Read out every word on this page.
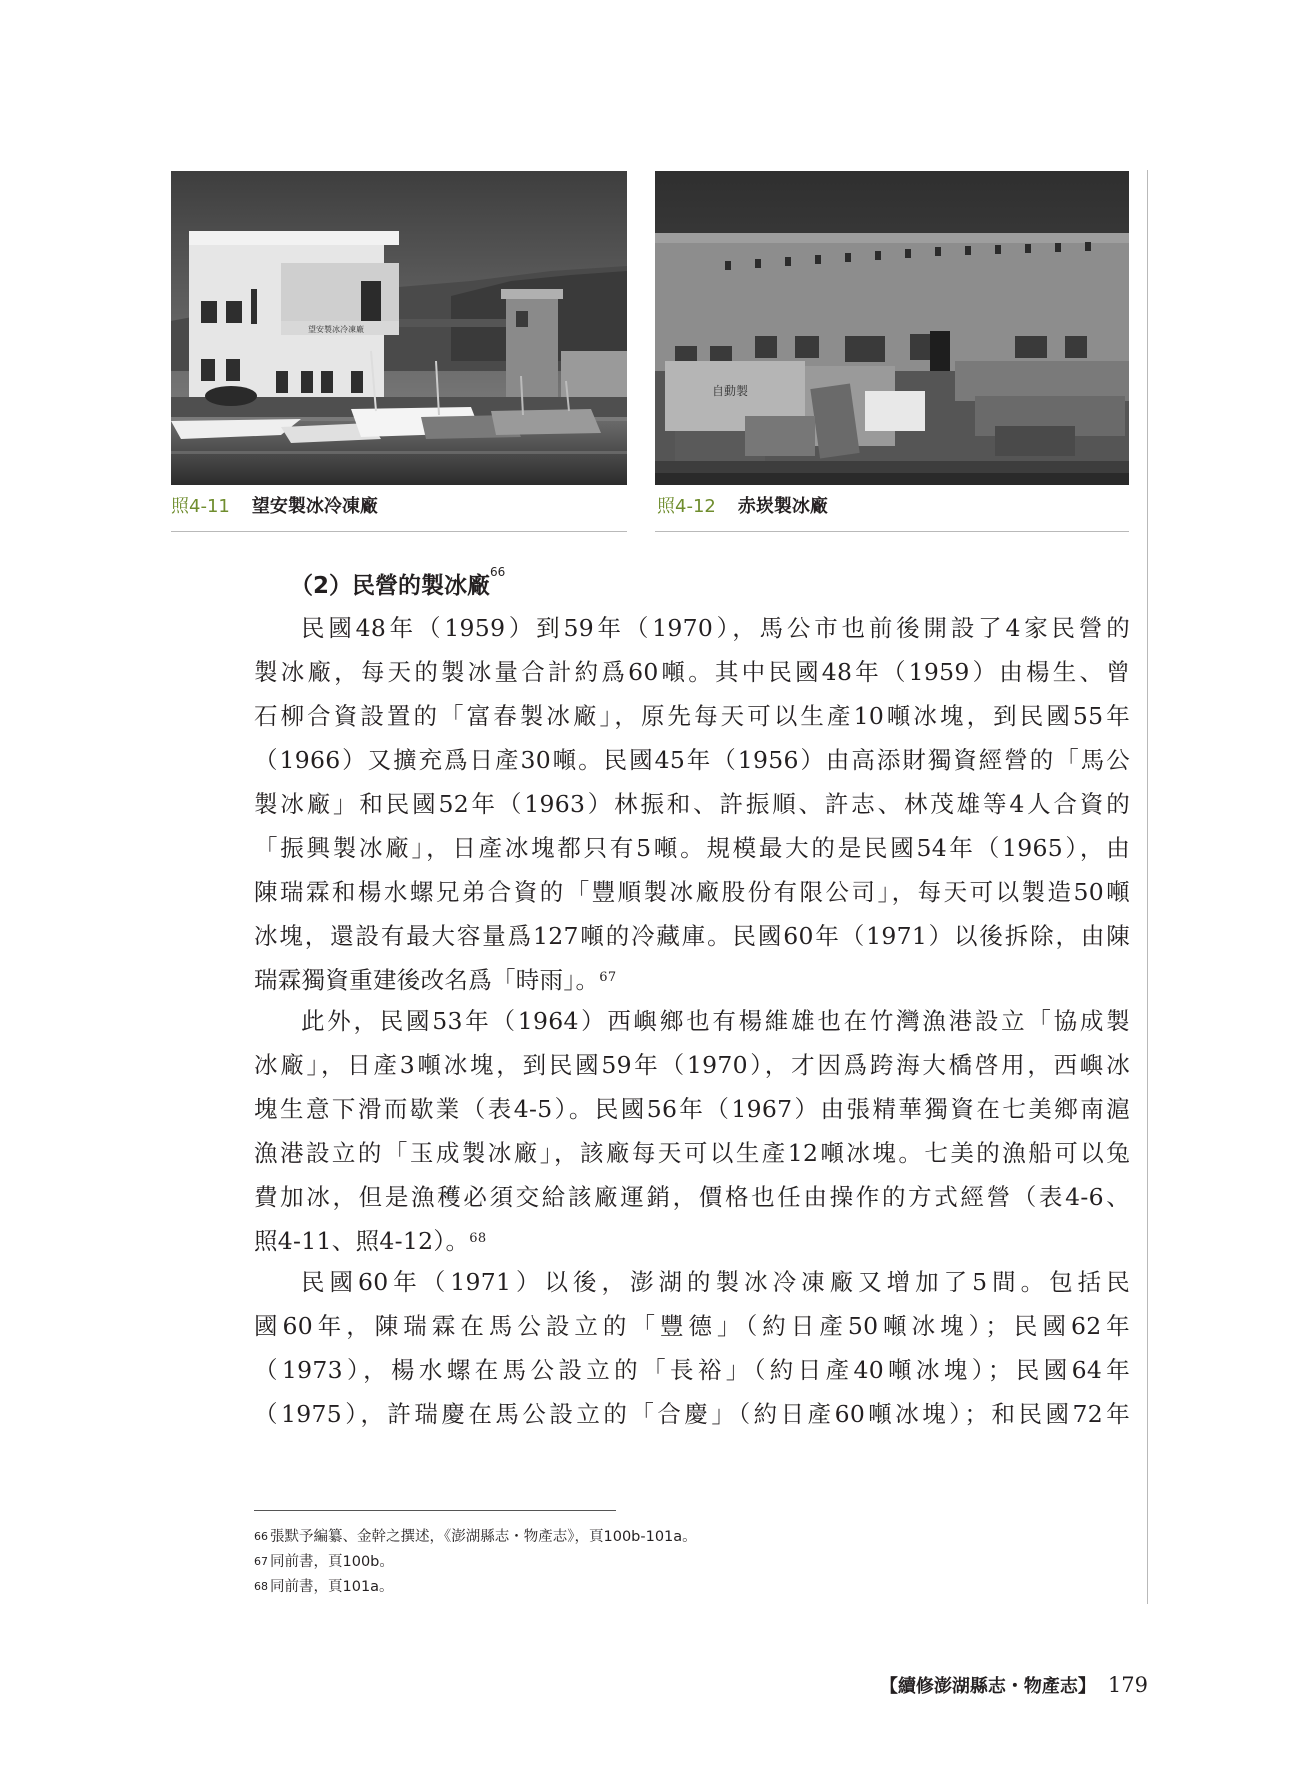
望安製冰冷凍廠
自動製
照4-11 望安製冰冷凍廠	照4-12 赤崁製冰廠
（2）民營的製冰廠$^{66}$
民國48年（1959）到59年（1970），馬公市也前後開設了4家民營的
製冰廠，每天的製冰量合計約爲60噸。其中民國48年（1959）由楊生、曾
石柳合資設置的「富春製冰廠」，原先每天可以生產10噸冰塊，到民國55年
（1966）又擴充爲日產30噸。民國45年（1956）由高添財獨資經營的「馬公
製冰廠」和民國52年（1963）林振和、許振順、許志、林茂雄等4人合資的
「振興製冰廠」，日產冰塊都只有5噸。規模最大的是民國54年（1965），由
陳瑞霖和楊水螺兄弟合資的「豐順製冰廠股份有限公司」，每天可以製造50噸
冰塊，還設有最大容量爲127噸的冷藏庫。民國60年（1971）以後拆除，由陳
瑞霖獨資重建後改名爲「時雨」。$^{67}$
此外，民國53年（1964）西嶼鄉也有楊維雄也在竹灣漁港設立「協成製
冰廠」，日產3噸冰塊，到民國59年（1970），才因爲跨海大橋啓用，西嶼冰
塊生意下滑而歇業（表4-5）。民國56年（1967）由張精華獨資在七美鄉南滬
漁港設立的「玉成製冰廠」，該廠每天可以生產12噸冰塊。七美的漁船可以兔
費加冰，但是漁穫必須交給該廠運銷，價格也任由操作的方式經營（表4-6、
照4-11、照4-12）。$^{68}$
民國60年（1971）以後，澎湖的製冰冷凍廠又增加了5間。包括民
國60年，陳瑞霖在馬公設立的「豐德」（約日產50噸冰塊）；民國62年
（1973），楊水螺在馬公設立的「長裕」（約日產40噸冰塊）；民國64年
（1975），許瑞慶在馬公設立的「合慶」（約日產60噸冰塊）；和民國72年
$^{66}$ 張默予編纂、金幹之撰述，《澎湖縣志・物產志》，頁100b-101a。
$^{67}$ 同前書，頁100b。
$^{68}$ 同前書，頁101a。
【續修澎湖縣志・物產志】 179
